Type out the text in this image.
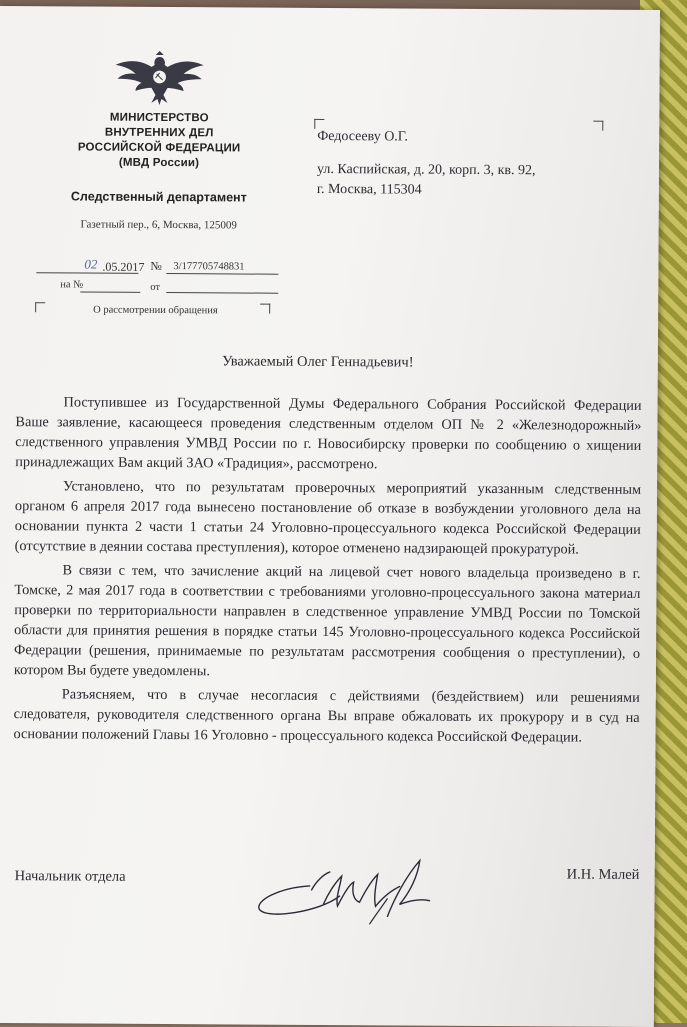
МИНИСТЕРСТВО
ВНУТРЕННИХ ДЕЛ
РОССИЙСКОЙ ФЕДЕРАЦИИ
(МВД России)
Следственный департамент
Газетный пер., 6, Москва, 125009
02 .05.2017 № 3/177705748831
на №	от
О рассмотрении обращения
Федосееву О.Г.
ул. Каспийская, д. 20, корп. 3, кв. 92,
г. Москва, 115304
Уважаемый Олег Геннадьевич!

Поступившее из Государственной Думы Федерального Собрания Российской Федерации Ваше заявление, касающееся проведения следственным отделом ОП № 2 «Железнодорожный» следственного управления УМВД России по г. Новосибирску проверки по сообщению о хищении принадлежащих Вам акций ЗАО «Традиция», рассмотрено.

Установлено, что по результатам проверочных мероприятий указанным следственным органом 6 апреля 2017 года вынесено постановление об отказе в возбуждении уголовного дела на основании пункта 2 части 1 статьи 24 Уголовно-процессуального кодекса Российской Федерации (отсутствие в деянии состава преступления), которое отменено надзирающей прокуратурой.

В связи с тем, что зачисление акций на лицевой счет нового владельца произведено в г. Томске, 2 мая 2017 года в соответствии с требованиями уголовно-процессуального закона материал проверки по территориальности направлен в следственное управление УМВД России по Томской области для принятия решения в порядке статьи 145 Уголовно-процессуального кодекса Российской Федерации (решения, принимаемые по результатам рассмотрения сообщения о преступлении), о котором Вы будете уведомлены.

Разъясняем, что в случае несогласия с действиями (бездействием) или решениями следователя, руководителя следственного органа Вы вправе обжаловать их прокурору и в суд на основании положений Главы 16 Уголовно - процессуального кодекса Российской Федерации.

Начальник отдела	И.Н. Малей
